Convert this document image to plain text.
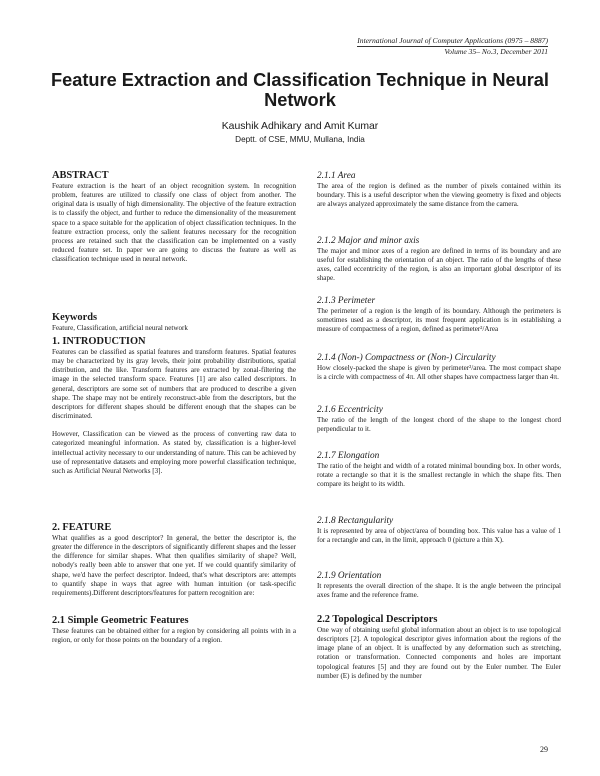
International Journal of Computer Applications (0975 – 8887)
Volume 35– No.3, December 2011
Feature Extraction and Classification Technique in Neural Network
Kaushik Adhikary and Amit Kumar
Deptt. of CSE, MMU, Mullana, India
ABSTRACT
Feature extraction is the heart of an object recognition system. In recognition problem, features are utilized to classify one class of object from another. The original data is usually of high dimensionality. The objective of the feature extraction is to classify the object, and further to reduce the dimensionality of the measurement space to a space suitable for the application of object classification techniques. In the feature extraction process, only the salient features necessary for the recognition process are retained such that the classification can be implemented on a vastly reduced feature set. In paper we are going to discuss the feature as well as classification technique used in neural network.
Keywords
Feature, Classification, artificial neural network
1. INTRODUCTION
Features can be classified as spatial features and transform features. Spatial features may be characterized by its gray levels, their joint probability distributions, spatial distribution, and the like. Transform features are extracted by zonal-filtering the image in the selected transform space. Features [1] are also called descriptors. In general, descriptors are some set of numbers that are produced to describe a given shape. The shape may not be entirely reconstruct-able from the descriptors, but the descriptors for different shapes should be different enough that the shapes can be discriminated.
However, Classification can be viewed as the process of converting raw data to categorized meaningful information. As stated by, classification is a higher-level intellectual activity necessary to our understanding of nature. This can be achieved by use of representative datasets and employing more powerful classification technique, such as Artificial Neural Networks [3].
2. FEATURE
What qualifies as a good descriptor? In general, the better the descriptor is, the greater the difference in the descriptors of significantly different shapes and the lesser the difference for similar shapes. What then qualifies similarity of shape? Well, nobody's really been able to answer that one yet. If we could quantify similarity of shape, we'd have the perfect descriptor. Indeed, that's what descriptors are: attempts to quantify shape in ways that agree with human intuition (or task-specific requirements).Different descriptors/features for pattern recognition are:
2.1 Simple Geometric Features
These features can be obtained either for a region by considering all points with in a region, or only for those points on the boundary of a region.
2.1.1 Area
The area of the region is defined as the number of pixels contained within its boundary. This is a useful descriptor when the viewing geometry is fixed and objects are always analyzed approximately the same distance from the camera.
2.1.2 Major and minor axis
The major and minor axes of a region are defined in terms of its boundary and are useful for establishing the orientation of an object. The ratio of the lengths of these axes, called eccentricity of the region, is also an important global descriptor of its shape.
2.1.3 Perimeter
The perimeter of a region is the length of its boundary. Although the perimeters is sometimes used as a descriptor, its most frequent application is in establishing a measure of compactness of a region, defined as perimeter²/Area
2.1.4 (Non-) Compactness or (Non-) Circularity
How closely-packed the shape is given by perimeter²/area. The most compact shape is a circle with compactness of 4π. All other shapes have compactness larger than 4π.
2.1.6 Eccentricity
The ratio of the length of the longest chord of the shape to the longest chord perpendicular to it.
2.1.7 Elongation
The ratio of the height and width of a rotated minimal bounding box. In other words, rotate a rectangle so that it is the smallest rectangle in which the shape fits. Then compare its height to its width.
2.1.8 Rectangularity
It is represented by area of object/area of bounding box. This value has a value of 1 for a rectangle and can, in the limit, approach 0 (picture a thin X).
2.1.9 Orientation
It represents the overall direction of the shape. It is the angle between the principal axes frame and the reference frame.
2.2 Topological Descriptors
One way of obtaining useful global information about an object is to use topological descriptors [2]. A topological descriptor gives information about the regions of the image plane of an object. It is unaffected by any deformation such as stretching, rotation or transformation. Connected components and holes are important topological features [5] and they are found out by the Euler number. The Euler number (E) is defined by the number
29
